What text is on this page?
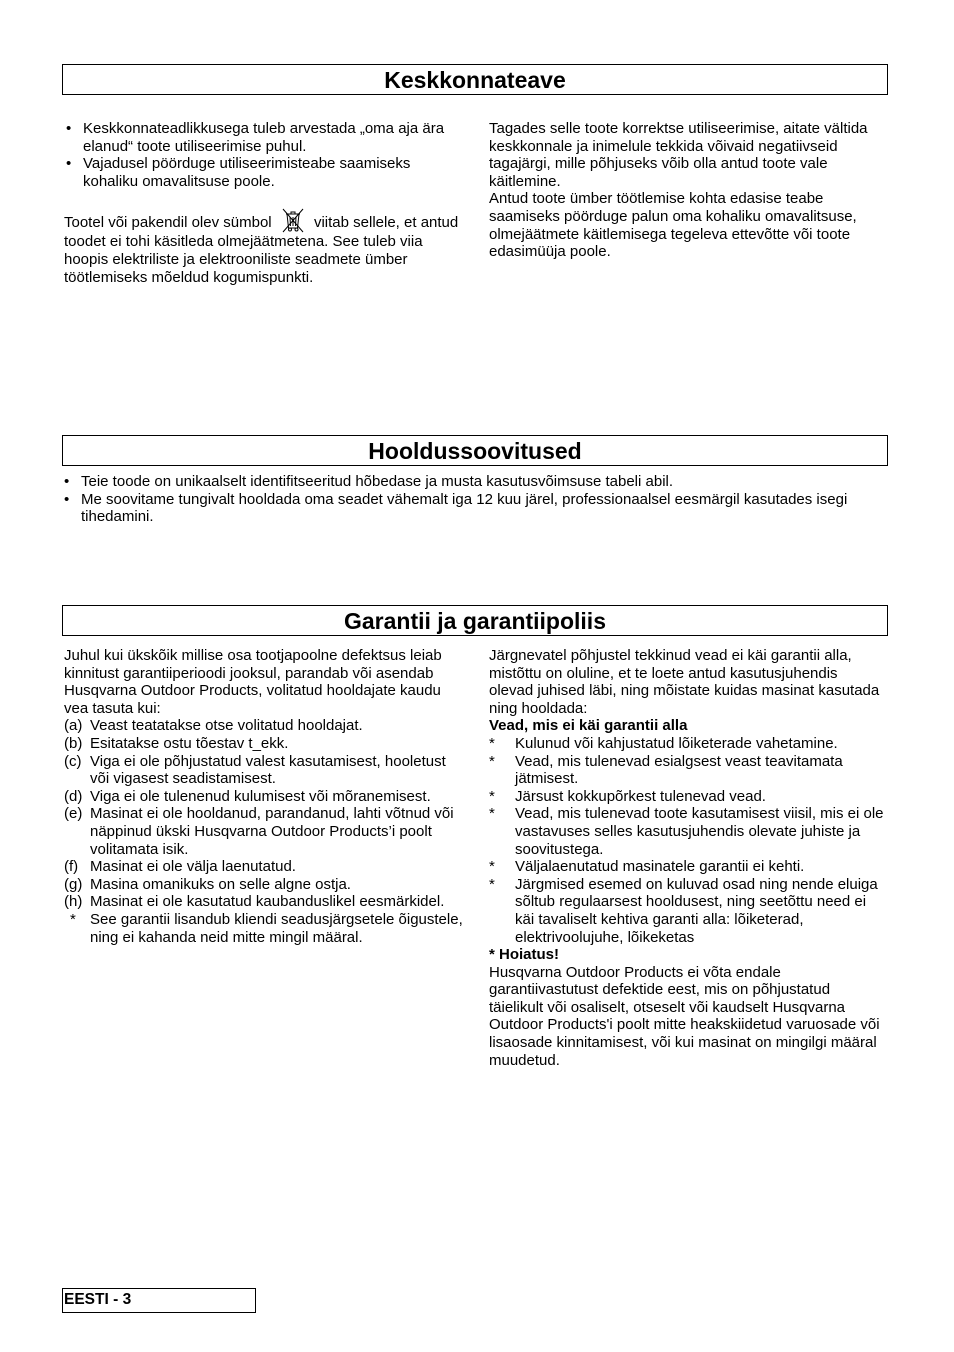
Keskkonnateave
• Keskkonnateadlikkusega tuleb arvestada „oma aja ära elanud“ toote utiliseerimise puhul.
• Vajadusel pöörduge utiliseerimisteabe saamiseks kohaliku omavalitsuse poole.

Tootel või pakendil olev sümbol	viitab sellele, et antud toodet ei tohi käsitleda olmejäätmetena. See tuleb viia hoopis elektriliste ja elektrooniliste seadmete ümber töötlemiseks mõeldud kogumispunkti.

Tagades selle toote korrektse utiliseerimise, aitate vältida keskkonnale ja inimelule tekkida võivaid negatiivseid tagajärgi, mille põhjuseks võib olla antud toote vale käitlemine.

Antud toote ümber töötlemise kohta edasise teabe saamiseks pöörduge palun oma kohaliku omavalitsuse, olmejäätmete käitlemisega tegeleva ettevõtte või toote edasimüüja poole.

Hooldussoovitused
• Teie toode on unikaalselt identifitseeritud hõbedase ja musta kasutusvõimsuse tabeli abil.
• Me soovitame tungivalt hooldada oma seadet vähemalt iga 12 kuu järel, professionaalsel eesmärgil kasutades isegi tihedamini.
Garantii ja garantiipoliis

Juhul kui ükskõik millise osa tootjapoolne defektsus leiab kinnitust garantiiperioodi jooksul, parandab või asendab Husqvarna Outdoor Products, volitatud hooldajate kaudu vea tasuta kui:

(a) Veast teatatakse otse volitatud hooldajat.
(b) Esitatakse ostu tõestav t_ekk.
(c) Viga ei ole põhjustatud valest kasutamisest, hooletust või vigasest seadistamisest.
(d) Viga ei ole tulenenud kulumisest või mõranemisest.
(e) Masinat ei ole hooldanud, parandanud, lahti võtnud või näppinud ükski Husqvarna Outdoor Products’i poolt volitamata isik.
(f) Masinat ei ole välja laenutatud.
(g) Masina omanikuks on selle algne ostja.
(h) Masinat ei ole kasutatud kaubanduslikel eesmärkidel.
* See garantii lisandub kliendi seadusjärgsetele õigustele, ning ei kahanda neid mitte mingil määral.

Järgnevatel põhjustel tekkinud vead ei käi garantii alla, mistõttu on oluline, et te loete antud kasutusjuhendis olevad juhised läbi, ning mõistate kuidas masinat kasutada ning hooldada:

Vead, mis ei käi garantii alla

* Kulunud või kahjustatud lõiketerade vahetamine.
* Vead, mis tulenevad esialgsest veast teavitamata jätmisest.
* Järsust kokkupõrkest tulenevad vead.
* Vead, mis tulenevad toote kasutamisest viisil, mis ei ole vastavuses selles kasutusjuhendis olevate juhiste ja soovitustega.
* Väljalaenutatud masinatele garantii ei kehti.
* Järgmised esemed on kuluvad osad ning nende eluiga sõltub regulaarsest hooldusest, ning seetõttu need ei käi tavaliselt kehtiva garanti alla: lõiketerad, elektrivoolujuhe, lõikeketas

* Hoiatus!

Husqvarna Outdoor Products ei võta endale garantiivastutust defektide eest, mis on põhjustatud täielikult või osaliselt, otseselt või kaudselt Husqvarna Outdoor Products'i poolt mitte heakskiidetud varuosade või lisaosade kinnitamisest, või kui masinat on mingilgi määral muudetud.

EESTI - 3
